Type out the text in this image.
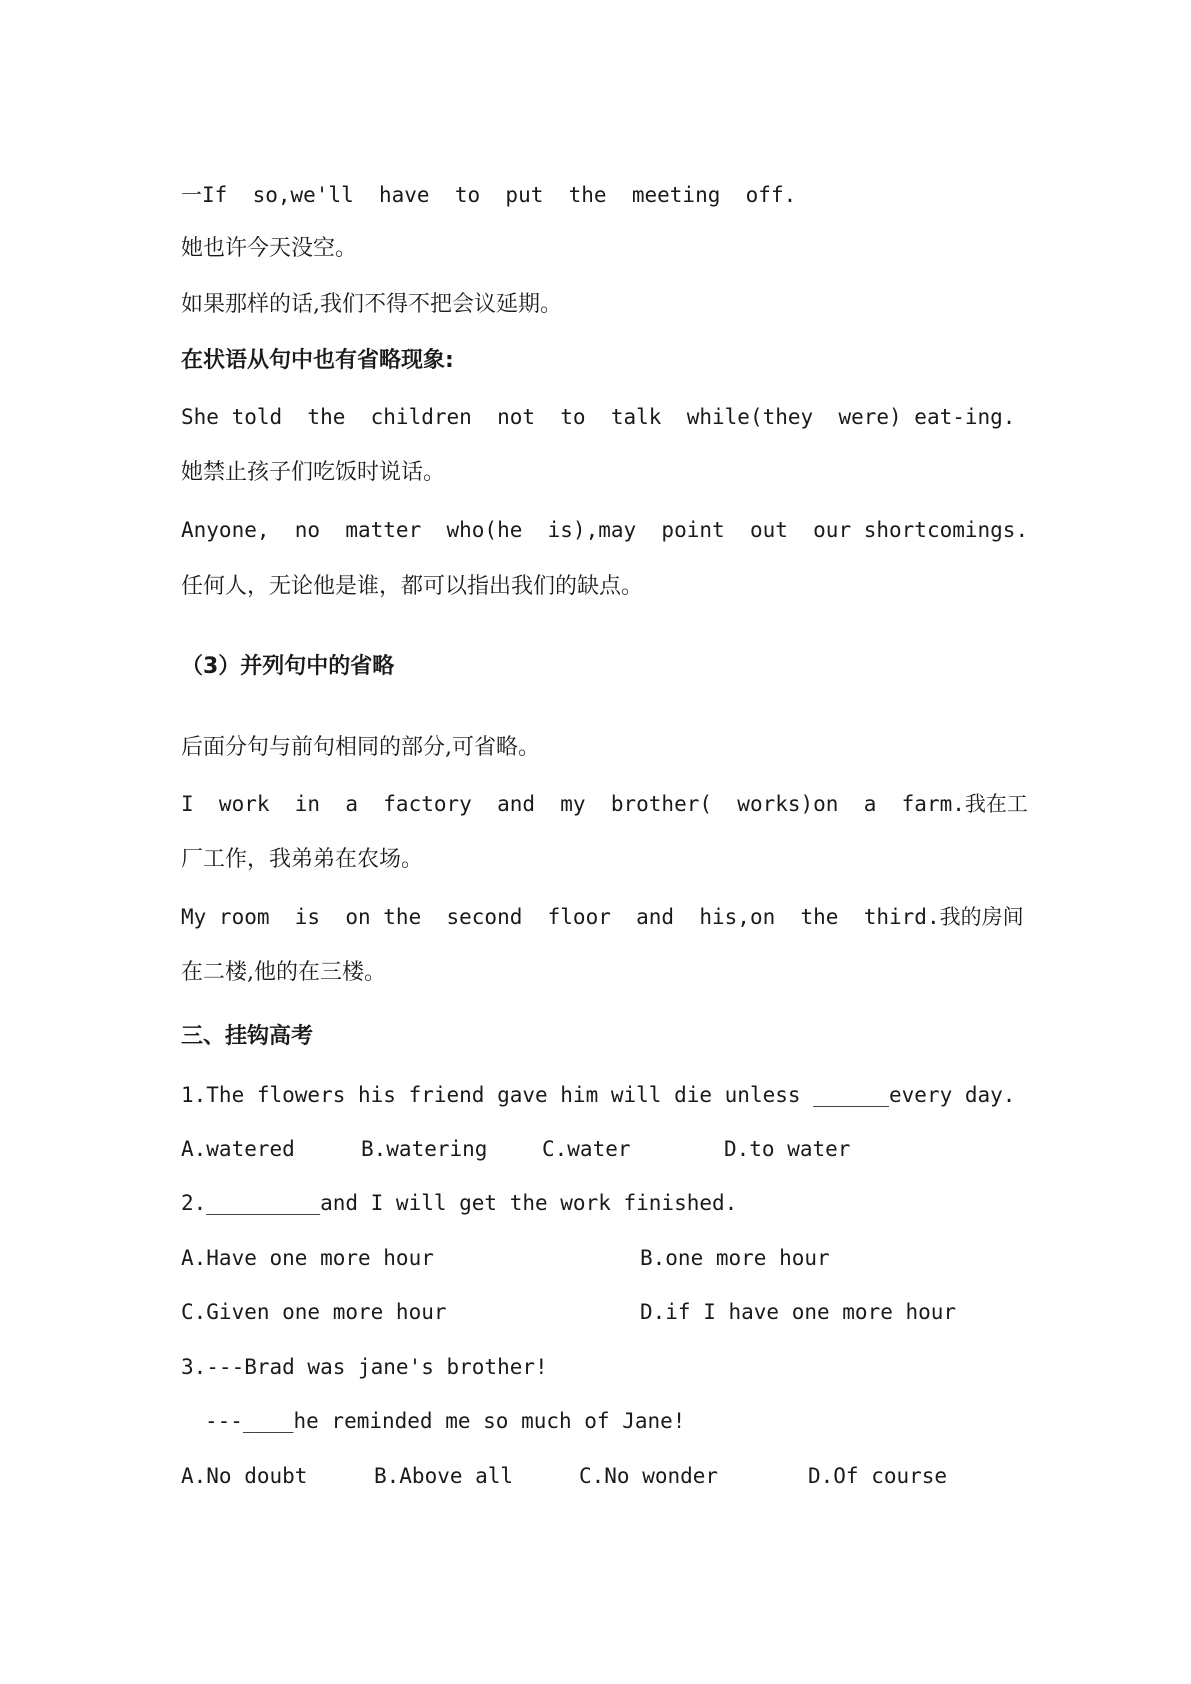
一If  so,we'll  have  to  put  the  meeting  off.
她也许今天没空。
如果那样的话,我们不得不把会议延期。
在状语从句中也有省略现象:
She told  the  children  not  to  talk  while(they  were) eat-ing.
她禁止孩子们吃饭时说话。
Anyone,  no  matter  who(he  is),may  point  out  our shortcomings.
任何人，无论他是谁，都可以指出我们的缺点。
（3）并列句中的省略
后面分句与前句相同的部分,可省略。
I  work  in  a  factory  and  my  brother(  works)on  a  farm.我在工
厂工作，我弟弟在农场。
My room  is  on the  second  floor  and  his,on  the  third.我的房间
在二楼,他的在三楼。
三、挂钩高考
1.The flowers his friend gave him will die unless ______every day.
A.watered	B.watering	C.water	D.to water
2._________and I will get the work finished.
A.Have one more hour	B.one more hour
C.Given one more hour	D.if I have one more hour
3.---Brad was jane's brother!
---____he reminded me so much of Jane!
A.No doubt	B.Above all	C.No wonder	D.Of course
